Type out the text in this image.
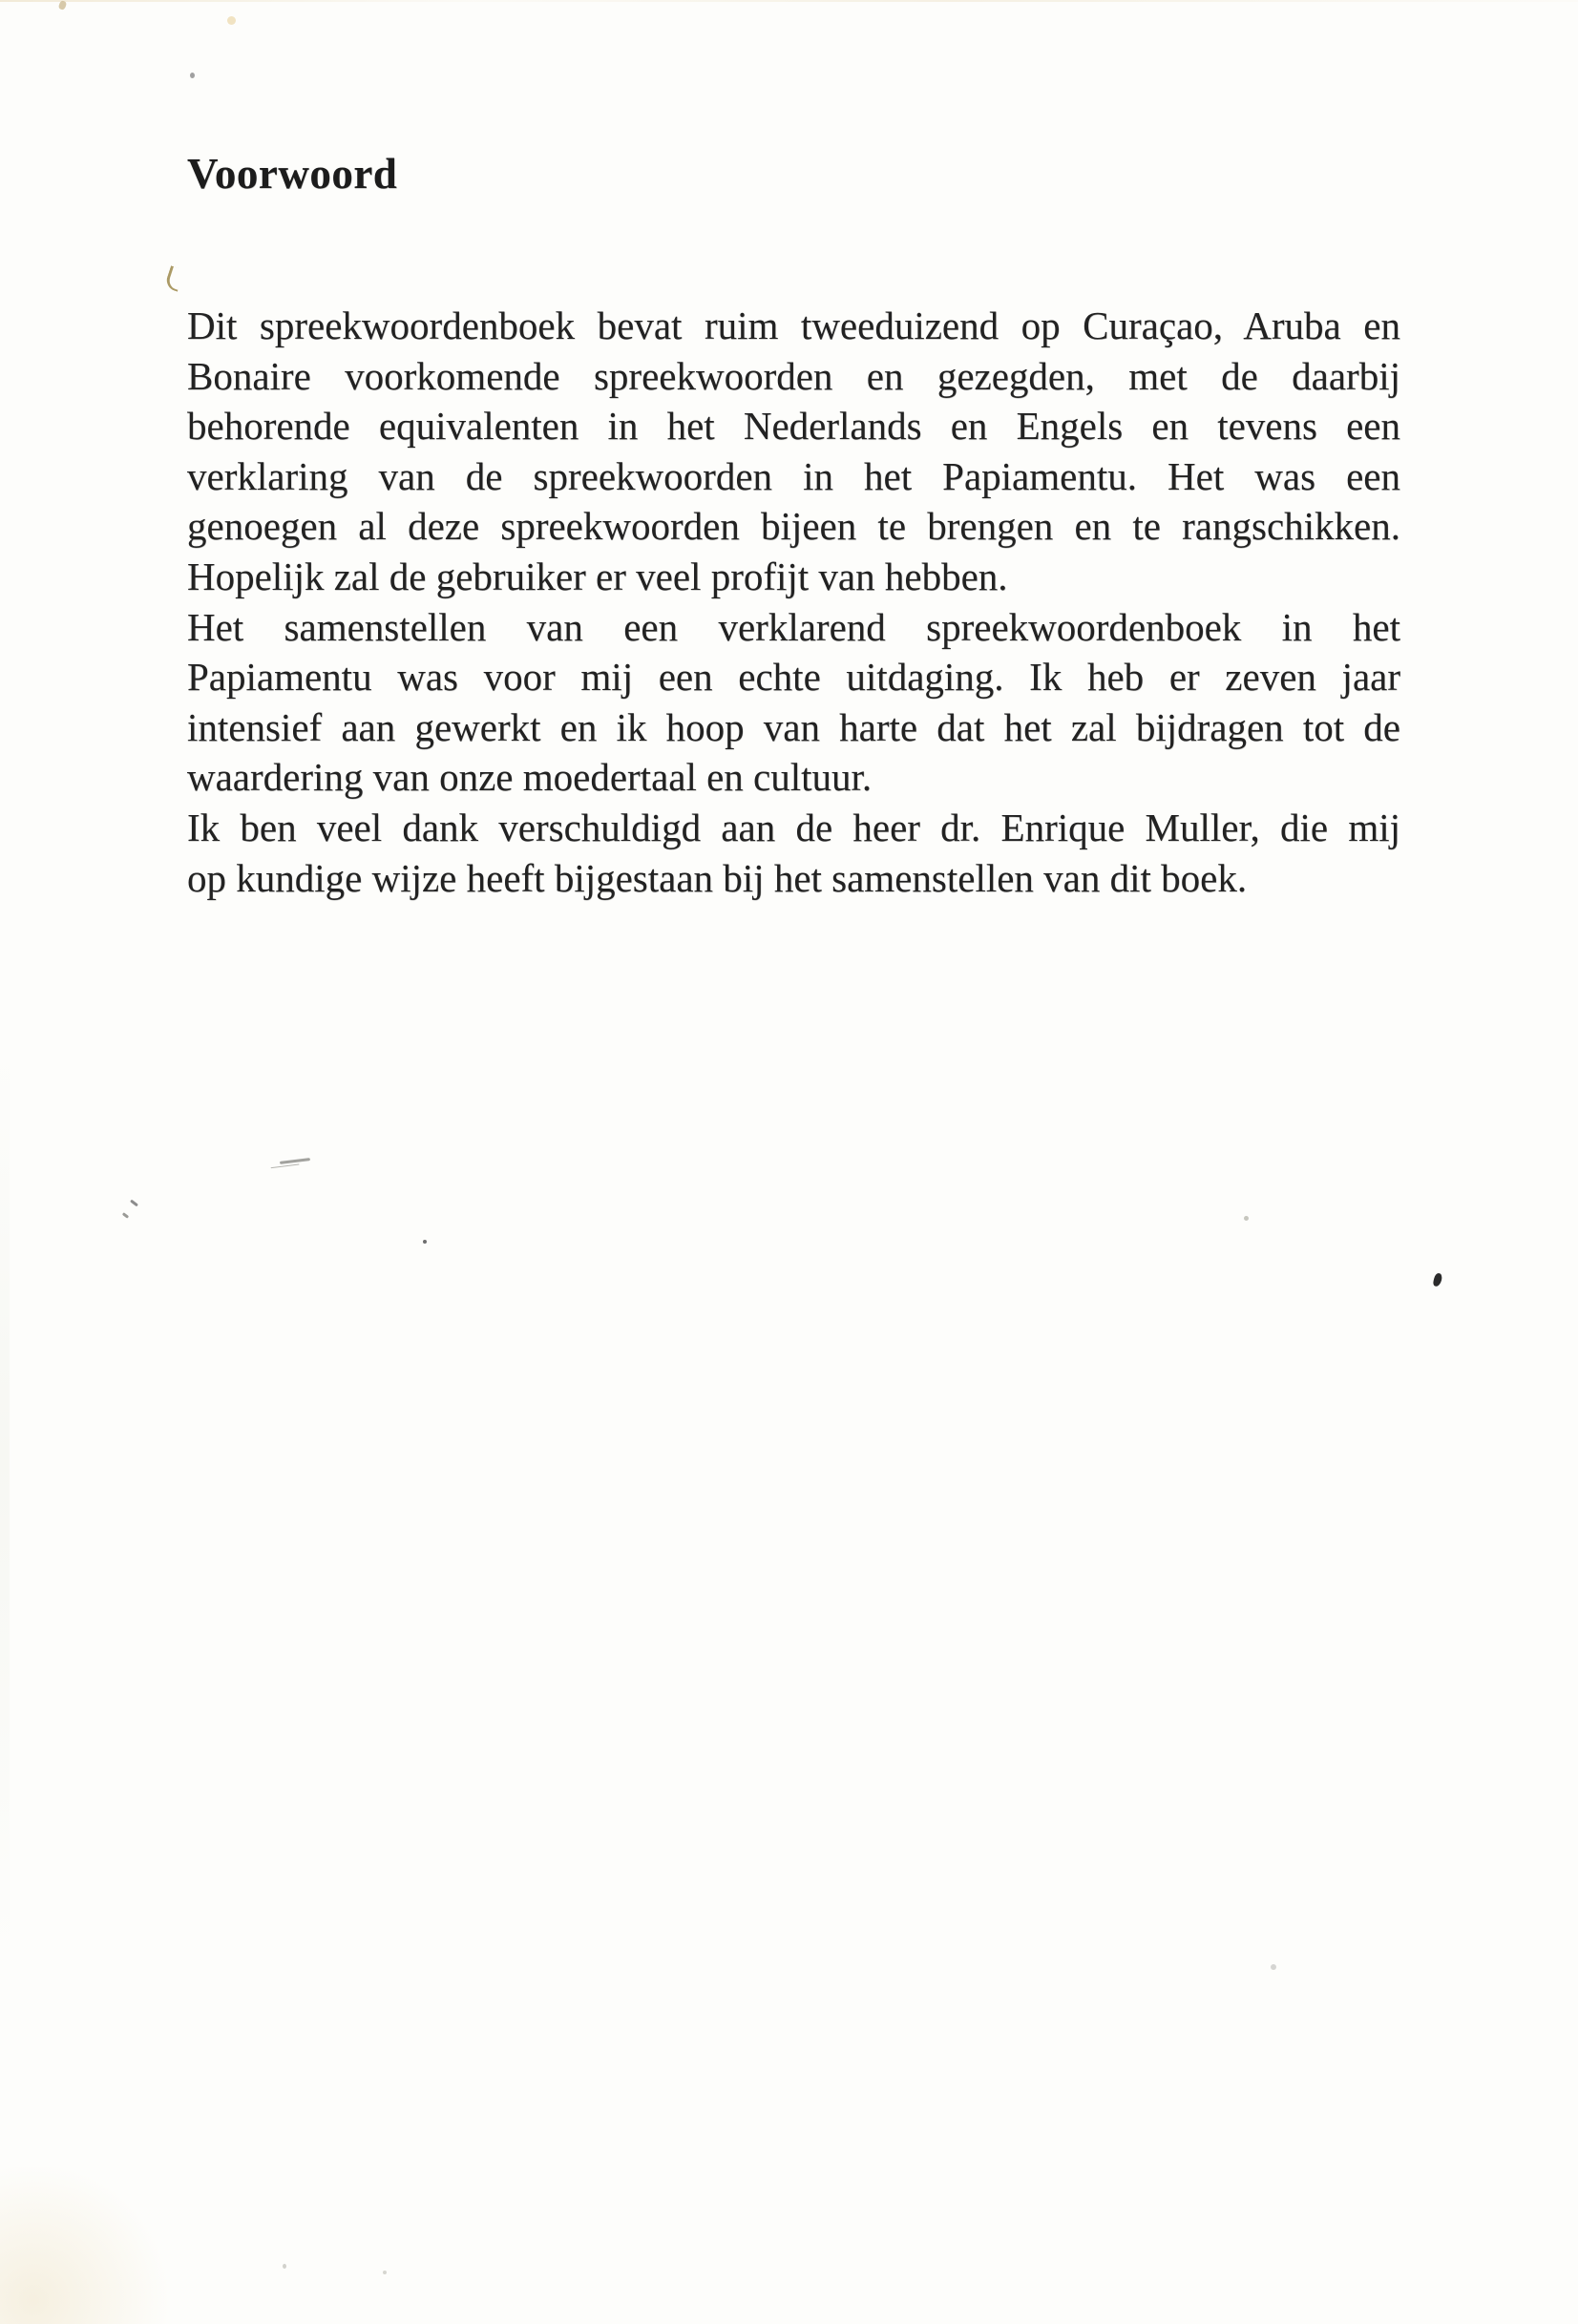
Voorwoord
Dit spreekwoordenboek bevat ruim tweeduizend op Curaçao, Aruba en
Bonaire voorkomende spreekwoorden en gezegden, met de daarbij
behorende equivalenten in het Nederlands en Engels en tevens een
verklaring van de spreekwoorden in het Papiamentu. Het was een
genoegen al deze spreekwoorden bijeen te brengen en te rangschikken.
Hopelijk zal de gebruiker er veel profijt van hebben.
Het samenstellen van een verklarend spreekwoordenboek in het
Papiamentu was voor mij een echte uitdaging. Ik heb er zeven jaar
intensief aan gewerkt en ik hoop van harte dat het zal bijdragen tot de
waardering van onze moedertaal en cultuur.
Ik ben veel dank verschuldigd aan de heer dr. Enrique Muller, die mij
op kundige wijze heeft bijgestaan bij het samenstellen van dit boek.
